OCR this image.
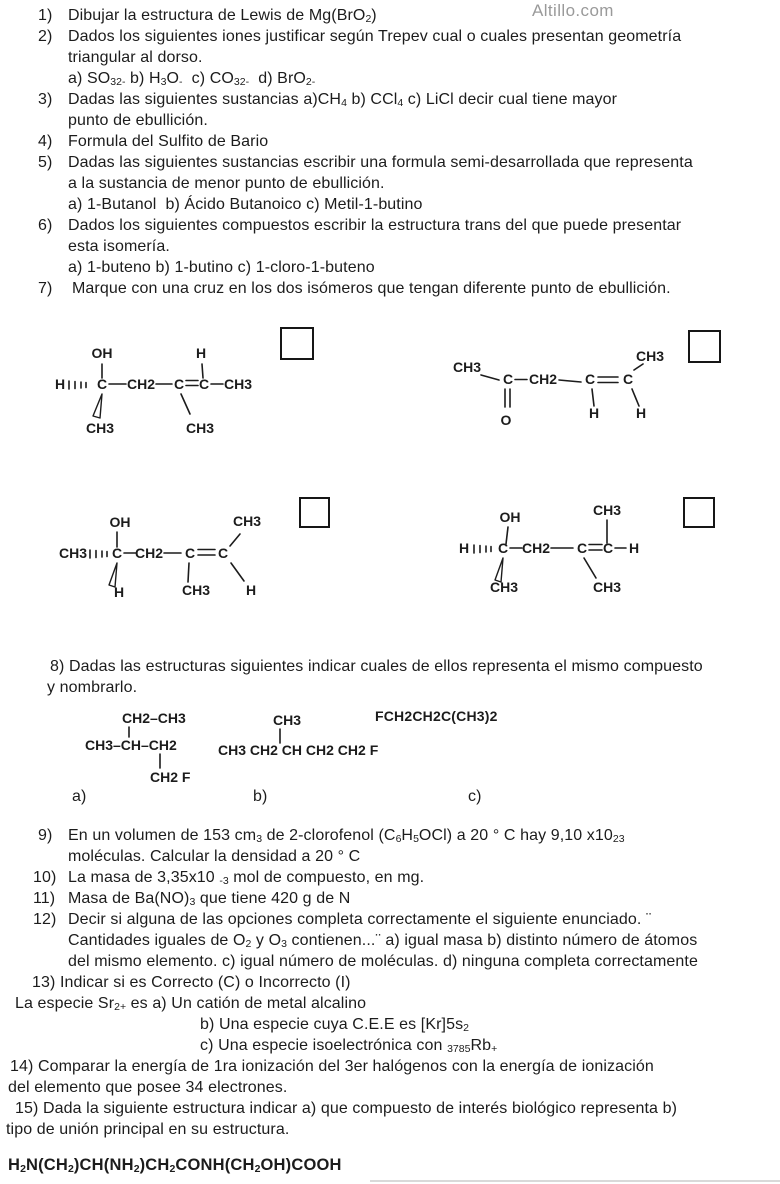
Altillo.com
1) Dibujar la estructura de Lewis de Mg(BrO$_2$)
2) Dados los siguientes iones justificar según Trepev cual o cuales presentan geometría
triangular al dorso.
a) $SO_{32-}$ b) $H_3O_-$  c) $CO_{32-}$  d) BrO$_{2-}$
3) Dadas las siguientes sustancias $a)CH_4$ b) CCl$_4$ c) LiCl decir cual tiene mayor
punto de ebullición.
4) Formula del Sulfito de Bario
5) Dadas las siguientes sustancias escribir una formula semi-desarrollada que representa
a la sustancia de menor punto de ebullición.
a) 1-Butanol  b) Ácido Butanoico c) Metil-1-butino
6) Dados los siguientes compuestos escribir la estructura trans del que puede presentar
esta isomería.
a) 1-buteno b) 1-butino c) 1-cloro-1-buteno
7) Marque con una cruz en los dos isómeros que tengan diferente punto de ebullición.
8) Dadas las estructuras siguientes indicar cuales de ellos representa el mismo compuesto
y nombrarlo.
FCH2CH2C(CH3)2
a)	b)	c)
9) En un volumen de 153 $cm_3$ de 2-clorofenol $(C_6H_5OCl)$ a 20 ° C hay 9,10 $x10_{23}$
moléculas. Calcular la densidad a 20 ° C
10) La masa de 3,35x10 $_{-3}$ mol de compuesto, en mg.
11) Masa de $Ba(NO)_3$ que tiene 420 g de N
12) Decir si alguna de las opciones completa correctamente el siguiente enunciado. ¨
Cantidades iguales de $O_2$ y $O_3$ contienen...¨ a) igual masa b) distinto número de átomos
del mismo elemento. c) igual número de moléculas. d) ninguna completa correctamente
13) Indicar si es Correcto (C) o Incorrecto (I)
La especie $Sr_{2+}$ es a) Un catión de metal alcalino
b) Una especie cuya C.E.E es $[Kr]5s_2$
c) Una especie isoelectrónica con $_{3785}Rb_+$
14) Comparar la energía de 1ra ionización del 3er halógenos con la energía de ionización
del elemento que posee 34 electrones.
15) Dada la siguiente estructura indicar a) que compuesto de interés biológico representa b)
tipo de unión principal en su estructura.
$H_2N(CH_2)CH(NH_2)CH_2CONH(CH_2OH)COOH$
OH
H C CH2 C
H
C CH3
CH3	CH3
CH3
C
O
CH2 C C
CH3
H	H
OH
CH3 C CH2 C C
CH3
H	CH3	H
OH
H C CH2 C C
CH3
H
CH3	CH3
CH2–CH3
CH3–CH–CH2
CH2 F
CH3
CH3 CH2 CH CH2 CH2 F
